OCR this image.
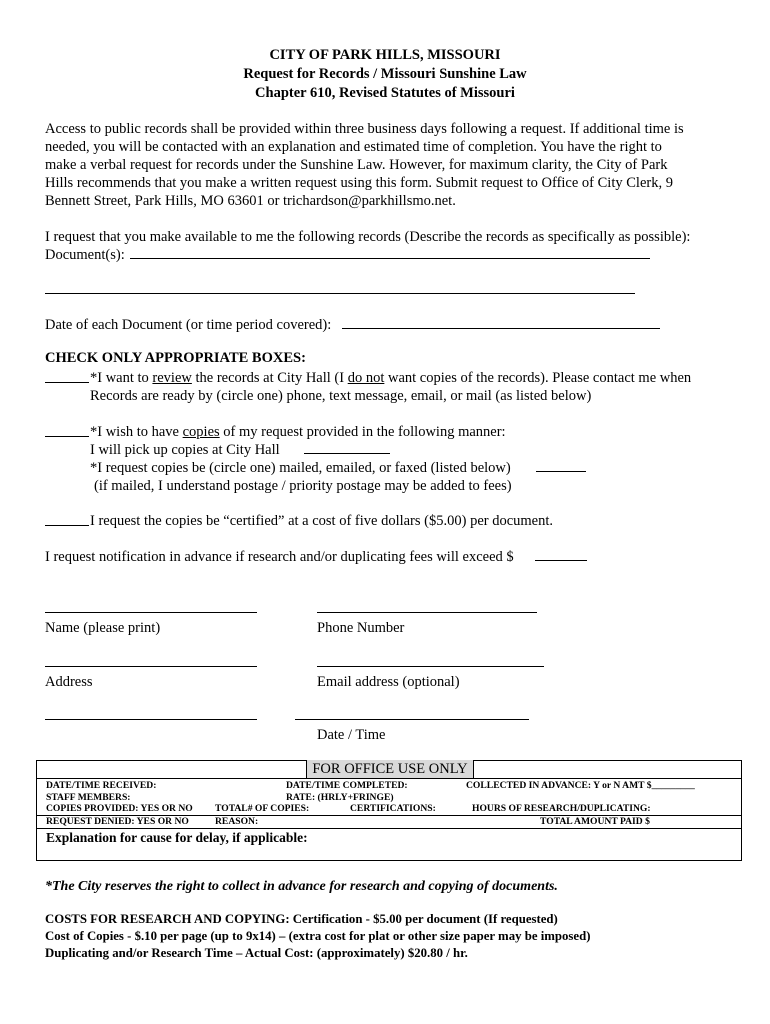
CITY OF PARK HILLS, MISSOURI
Request for Records / Missouri Sunshine Law
Chapter 610, Revised Statutes of Missouri
Access to public records shall be provided within three business days following a request. If additional time is
needed, you will be contacted with an explanation and estimated time of completion. You have the right to
make a verbal request for records under the Sunshine Law. However, for maximum clarity, the City of Park
Hills recommends that you make a written request using this form. Submit request to Office of City Clerk, 9
Bennett Street, Park Hills, MO 63601 or trichardson@parkhillsmo.net.
I request that you make available to me the following records (Describe the records as specifically as possible):
Document(s):
Date of each Document (or time period covered):
CHECK ONLY APPROPRIATE BOXES:
*I want to review the records at City Hall (I do not want copies of the records). Please contact me when
Records are ready by (circle one) phone, text message, email, or mail (as listed below)
*I wish to have copies of my request provided in the following manner:
I will pick up copies at City Hall
*I request copies be (circle one) mailed, emailed, or faxed (listed below)
(if mailed, I understand postage / priority postage may be added to fees)
I request the copies be “certified” at a cost of five dollars ($5.00) per document.
I request notification in advance if research and/or duplicating fees will exceed $
Name (please print)	Phone Number
Address	Email address (optional)
Date / Time
FOR OFFICE USE ONLY
DATE/TIME RECEIVED:	DATE/TIME COMPLETED:	COLLECTED IN ADVANCE: Y or N AMT $_________
STAFF MEMBERS:	RATE: (HRLY+FRINGE)
COPIES PROVIDED: YES OR NO TOTAL# OF COPIES:	CERTIFICATIONS:	HOURS OF RESEARCH/DUPLICATING:
REQUEST DENIED: YES OR NO	REASON:	TOTAL AMOUNT PAID $
Explanation for cause for delay, if applicable:
*The City reserves the right to collect in advance for research and copying of documents.
COSTS FOR RESEARCH AND COPYING: Certification - $5.00 per document (If requested)
Cost of Copies - $.10 per page (up to 9x14) – (extra cost for plat or other size paper may be imposed)
Duplicating and/or Research Time – Actual Cost: (approximately) $20.80 / hr.
